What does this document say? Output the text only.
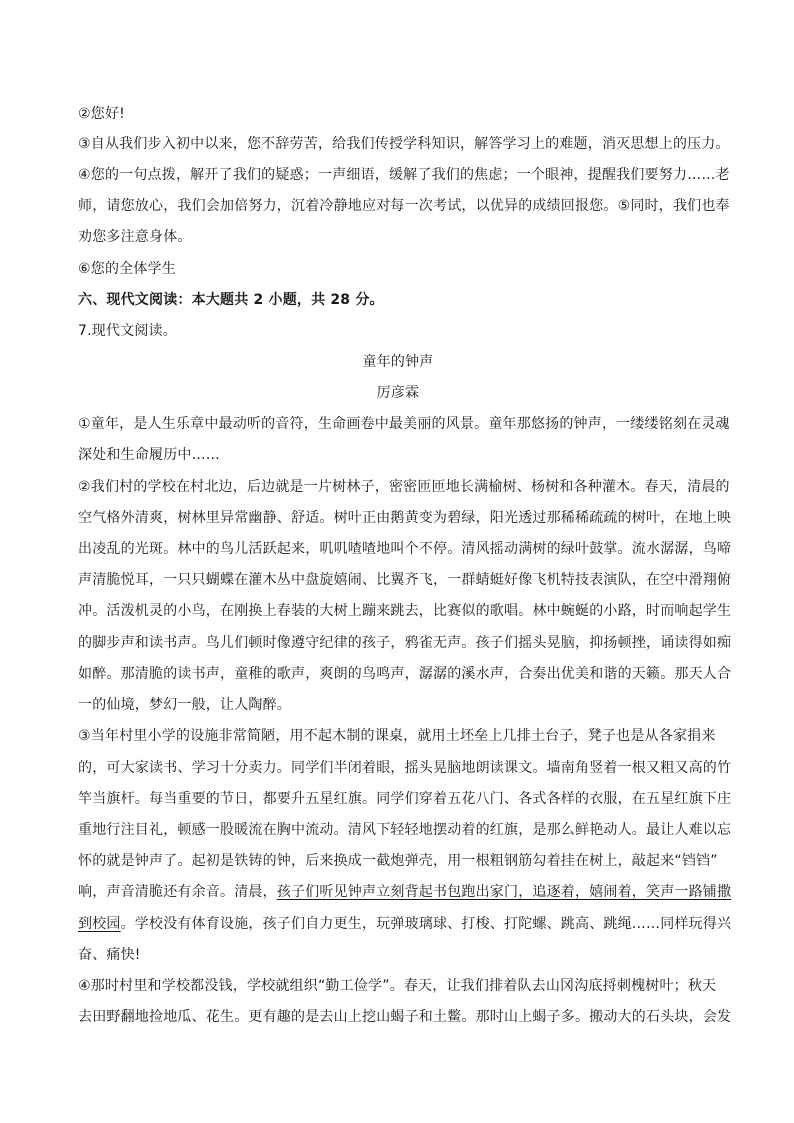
②您好!
③自从我们步入初中以来，您不辞劳苦，给我们传授学科知识，解答学习上的难题，消灭思想上的压力。
④您的一句点拨，解开了我们的疑惑；一声细语，缓解了我们的焦虑；一个眼神，提醒我们要努力……老
师，请您放心，我们会加倍努力，沉着冷静地应对每一次考试，以优异的成绩回报您。⑤同时，我们也奉
劝您多注意身体。
⑥您的全体学生
六、现代文阅读：本大题共 2 小题，共 28 分。
7.现代文阅读。
童年的钟声
厉彦霖
①童年，是人生乐章中最动听的音符，生命画卷中最美丽的风景。童年那悠扬的钟声，一缕缕铭刻在灵魂
深处和生命履历中……
②我们村的学校在村北边，后边就是一片树林子，密密匝匝地长满榆树、杨树和各种灌木。春天，清晨的
空气格外清爽，树林里异常幽静、舒适。树叶正由鹅黄变为碧绿，阳光透过那稀稀疏疏的树叶，在地上映
出凌乱的光斑。林中的鸟儿活跃起来，叽叽喳喳地叫个不停。清风摇动满树的绿叶鼓掌。流水潺潺，鸟啼
声清脆悦耳，一只只蝴蝶在灌木丛中盘旋嬉闹、比翼齐飞，一群蜻蜓好像飞机特技表演队，在空中滑翔俯
冲。活泼机灵的小鸟，在刚换上春装的大树上蹦来跳去，比赛似的歌唱。林中蜿蜒的小路，时而响起学生
的脚步声和读书声。鸟儿们顿时像遵守纪律的孩子，鸦雀无声。孩子们摇头晃脑，抑扬顿挫，诵读得如痴
如醉。那清脆的读书声，童稚的歌声，爽朗的鸟鸣声，潺潺的溪水声，合奏出优美和谐的天籁。那天人合
一的仙境，梦幻一般，让人陶醉。
③当年村里小学的设施非常简陋，用不起木制的课桌，就用土坯垒上几排土台子，凳子也是从各家捐来
的，可大家读书、学习十分卖力。同学们半闭着眼，摇头晃脑地朗读课文。墙南角竖着一根又粗又高的竹
竿当旗杆。每当重要的节日，都要升五星红旗。同学们穿着五花八门、各式各样的衣服，在五星红旗下庄
重地行注目礼，顿感一股暖流在胸中流动。清风下轻轻地摆动着的红旗，是那么鲜艳动人。最让人难以忘
怀的就是钟声了。起初是铁铸的钟，后来换成一截炮弹壳，用一根粗钢筋勾着挂在树上，敲起来“铛铛”
响，声音清脆还有余音。清晨，孩子们听见钟声立刻背起书包跑出家门，追逐着，嬉闹着，笑声一路铺撒
到校园。学校没有体育设施，孩子们自力更生，玩弹玻璃球、打梭、打陀螺、跳高、跳绳……同样玩得兴
奋、痛快!
④那时村里和学校都没钱，学校就组织“勤工俭学”。春天，让我们排着队去山冈沟底捋刺槐树叶；秋天
去田野翻地捡地瓜、花生。更有趣的是去山上挖山蝎子和土鳖。那时山上蝎子多。搬动大的石头块，会发
